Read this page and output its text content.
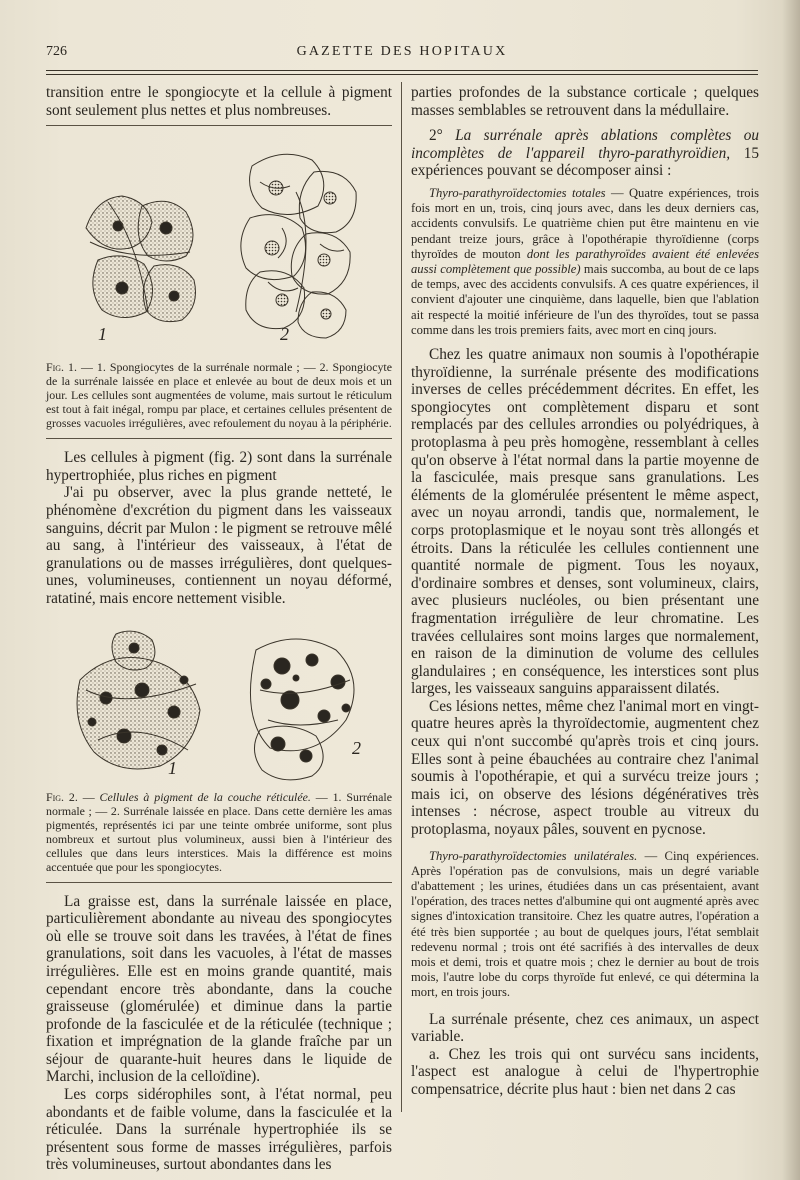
726	GAZETTE DES HOPITAUX

transition entre le spongiocyte et la cellule à pigment sont seulement plus nettes et plus nombreuses.

1	2

Fig. 1. — 1. Spongiocytes de la surrénale normale ; — 2. Spongiocyte de la surrénale laissée en place et enlevée au bout de deux mois et un jour. Les cellules sont augmentées de volume, mais surtout le réticulum est tout à fait inégal, rompu par place, et certaines cellules présentent de grosses vacuoles irrégulières, avec refoulement du noyau à la périphérie.

Les cellules à pigment (fig. 2) sont dans la surrénale hypertrophiée, plus riches en pigment

J'ai pu observer, avec la plus grande netteté, le phénomène d'excrétion du pigment dans les vaisseaux sanguins, décrit par Mulon : le pigment se retrouve mêlé au sang, à l'intérieur des vaisseaux, à l'état de granulations ou de masses irrégulières, dont quelques-unes, volumineuses, contiennent un noyau déformé, ratatiné, mais encore nettement visible.

1
2

Fig. 2. — Cellules à pigment de la couche réticulée. — 1. Surrénale normale ; — 2. Surrénale laissée en place. Dans cette dernière les amas pigmentés, représentés ici par une teinte ombrée uniforme, sont plus nombreux et surtout plus volumineux, aussi bien à l'intérieur des cellules que dans leurs interstices. Mais la différence est moins accentuée que pour les spongiocytes.

La graisse est, dans la surrénale laissée en place, particulièrement abondante au niveau des spongiocytes où elle se trouve soit dans les travées, à l'état de fines granulations, soit dans les vacuoles, à l'état de masses irrégulières. Elle est en moins grande quantité, mais cependant encore très abondante, dans la couche graisseuse (glomérulée) et diminue dans la partie profonde de la fasciculée et de la réticulée (technique ; fixation et imprégnation de la glande fraîche par un séjour de quarante-huit heures dans le liquide de Marchi, inclusion de la celloïdine).

Les corps sidérophiles sont, à l'état normal, peu abondants et de faible volume, dans la fasciculée et la réticulée. Dans la surrénale hypertrophiée ils se présentent sous forme de masses irrégulières, parfois très volumineuses, surtout abondantes dans les

parties profondes de la substance corticale ; quelques masses semblables se retrouvent dans la médullaire.

2° La surrénale après ablations complètes ou incomplètes de l'appareil thyro-parathyroïdien, 15 expériences pouvant se décomposer ainsi :

Thyro-parathyroïdectomies totales — Quatre expériences, trois fois mort en un, trois, cinq jours avec, dans les deux derniers cas, accidents convulsifs. Le quatrième chien put être maintenu en vie pendant treize jours, grâce à l'opothérapie thyroïdienne (corps thyroïdes de mouton dont les parathyroïdes avaient été enlevées aussi complètement que possible) mais succomba, au bout de ce laps de temps, avec des accidents convulsifs. A ces quatre expériences, il convient d'ajouter une cinquième, dans laquelle, bien que l'ablation ait respecté la moitié inférieure de l'un des thyroïdes, tout se passa comme dans les trois premiers faits, avec mort en cinq jours.

Chez les quatre animaux non soumis à l'opothérapie thyroïdienne, la surrénale présente des modifications inverses de celles précédemment décrites. En effet, les spongiocytes ont complètement disparu et sont remplacés par des cellules arrondies ou polyédriques, à protoplasma à peu près homogène, ressemblant à celles qu'on observe à l'état normal dans la partie moyenne de la fasciculée, mais presque sans granulations. Les éléments de la glomérulée présentent le même aspect, avec un noyau arrondi, tandis que, normalement, le corps protoplasmique et le noyau sont très allongés et étroits. Dans la réticulée les cellules contiennent une quantité normale de pigment. Tous les noyaux, d'ordinaire sombres et denses, sont volumineux, clairs, avec plusieurs nucléoles, ou bien présentant une fragmentation irrégulière de leur chromatine. Les travées cellulaires sont moins larges que normalement, en raison de la diminution de volume des cellules glandulaires ; en conséquence, les interstices sont plus larges, les vaisseaux sanguins apparaissent dilatés.

Ces lésions nettes, même chez l'animal mort en vingt-quatre heures après la thyroïdectomie, augmentent chez ceux qui n'ont succombé qu'après trois et cinq jours. Elles sont à peine ébauchées au contraire chez l'animal soumis à l'opothérapie, et qui a survécu treize jours ; mais ici, on observe des lésions dégénératives très intenses : nécrose, aspect trouble au vitreux du protoplasma, noyaux pâles, souvent en pycnose.

Thyro-parathyroïdectomies unilatérales. — Cinq expériences. Après l'opération pas de convulsions, mais un degré variable d'abattement ; les urines, étudiées dans un cas présentaient, avant l'opération, des traces nettes d'albumine qui ont augmenté après avec signes d'intoxication transitoire. Chez les quatre autres, l'opération a été très bien supportée ; au bout de quelques jours, l'état semblait redevenu normal ; trois ont été sacrifiés à des intervalles de deux mois et demi, trois et quatre mois ; chez le dernier au bout de trois mois, l'autre lobe du corps thyroïde fut enlevé, ce qui détermina la mort, en trois jours.

La surrénale présente, chez ces animaux, un aspect variable.

a. Chez les trois qui ont survécu sans incidents, l'aspect est analogue à celui de l'hypertrophie compensatrice, décrite plus haut : bien net dans 2 cas
